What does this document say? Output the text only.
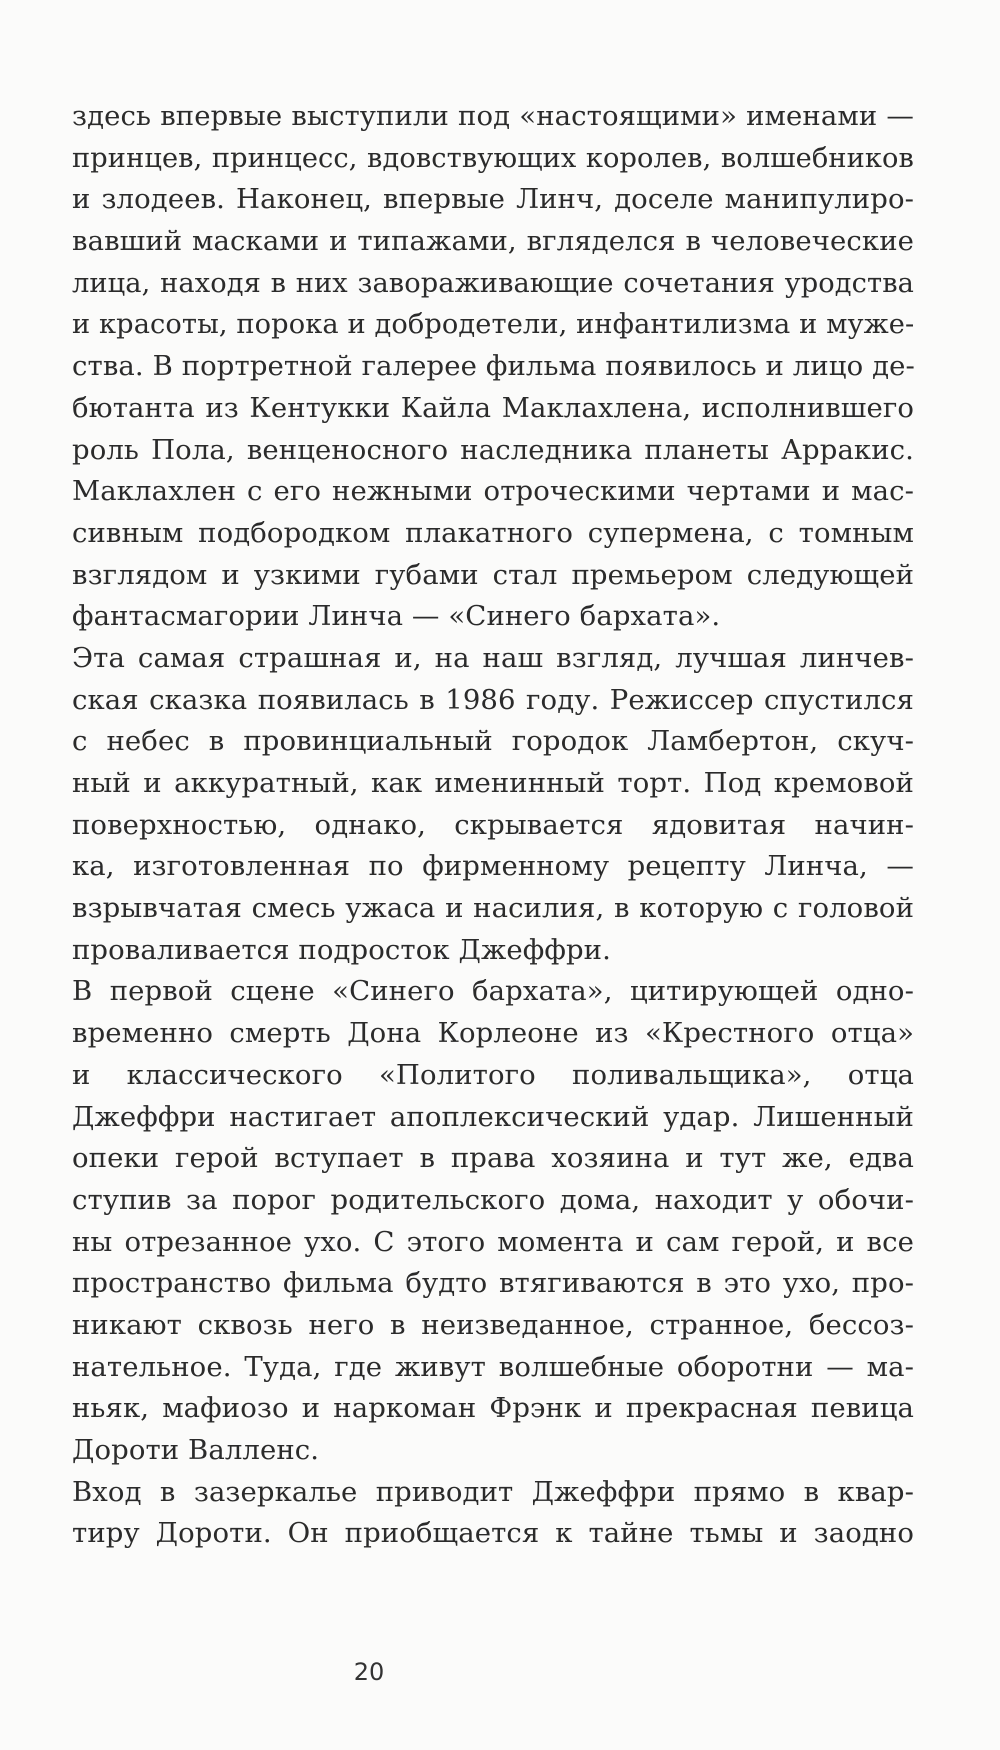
здесь впервые выступили под «настоящими» именами —
принцев, принцесс, вдовствующих королев, волшебников
и злодеев. Наконец, впервые Линч, доселе манипулиро-
вавший масками и типажами, вгляделся в человеческие
лица, находя в них завораживающие сочетания уродства
и красоты, порока и добродетели, инфантилизма и муже-
ства. В портретной галерее фильма появилось и лицо де-
бютанта из Кентукки Кайла Маклахлена, исполнившего
роль Пола, венценосного наследника планеты Арракис.
Маклахлен с его нежными отроческими чертами и мас-
сивным подбородком плакатного супермена, с томным
взглядом и узкими губами стал премьером следующей
фантасмагории Линча — «Синего бархата».
Эта самая страшная и, на наш взгляд, лучшая линчев-
ская сказка появилась в 1986 году. Режиссер спустился
с небес в провинциальный городок Ламбертон, скуч-
ный и аккуратный, как именинный торт. Под кремовой
поверхностью, однако, скрывается ядовитая начин-
ка, изготовленная по фирменному рецепту Линча, —
взрывчатая смесь ужаса и насилия, в которую с головой
проваливается подросток Джеффри.
В первой сцене «Синего бархата», цитирующей одно-
временно смерть Дона Корлеоне из «Крестного отца»
и классического «Политого поливальщика», отца
Джеффри настигает апоплексический удар. Лишенный
опеки герой вступает в права хозяина и тут же, едва
ступив за порог родительского дома, находит у обочи-
ны отрезанное ухо. С этого момента и сам герой, и все
пространство фильма будто втягиваются в это ухо, про-
никают сквозь него в неизведанное, странное, бессоз-
нательное. Туда, где живут волшебные оборотни — ма-
ньяк, мафиозо и наркоман Фрэнк и прекрасная певица
Дороти Валленс.
Вход в зазеркалье приводит Джеффри прямо в квар-
тиру Дороти. Он приобщается к тайне тьмы и заодно
20
